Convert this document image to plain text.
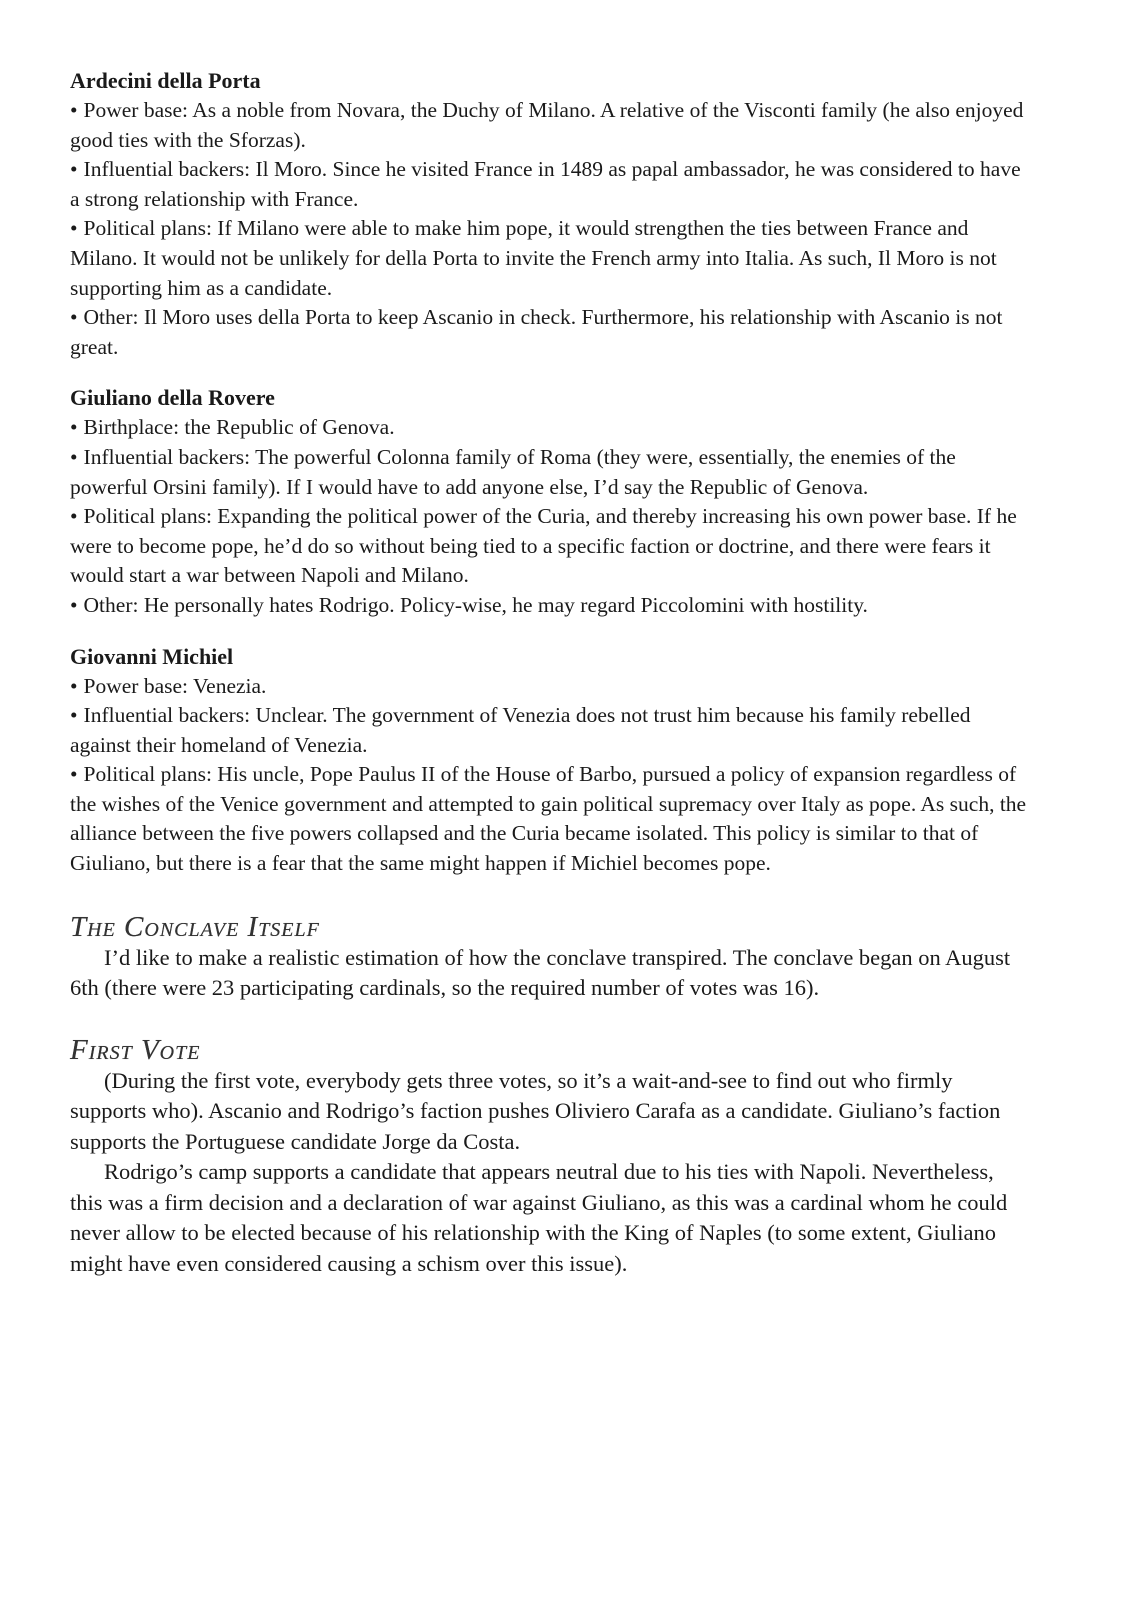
Ardecini della Porta

• Power base: As a noble from Novara, the Duchy of Milano. A relative of the Visconti family (he also enjoyed good ties with the Sforzas).

• Influential backers: Il Moro. Since he visited France in 1489 as papal ambassador, he was considered to have a strong relationship with France.

• Political plans: If Milano were able to make him pope, it would strengthen the ties between France and Milano. It would not be unlikely for della Porta to invite the French army into Italia. As such, Il Moro is not supporting him as a candidate.

• Other: Il Moro uses della Porta to keep Ascanio in check. Furthermore, his relationship with Ascanio is not great.

Giuliano della Rovere

• Birthplace: the Republic of Genova.

• Influential backers: The powerful Colonna family of Roma (they were, essentially, the enemies of the powerful Orsini family). If I would have to add anyone else, I’d say the Republic of Genova.

• Political plans: Expanding the political power of the Curia, and thereby increasing his own power base. If he were to become pope, he’d do so without being tied to a specific faction or doctrine, and there were fears it would start a war between Napoli and Milano.

• Other: He personally hates Rodrigo. Policy-wise, he may regard Piccolomini with hostility.

Giovanni Michiel

• Power base: Venezia.

• Influential backers: Unclear. The government of Venezia does not trust him because his family rebelled against their homeland of Venezia.

• Political plans: His uncle, Pope Paulus II of the House of Barbo, pursued a policy of expansion regardless of the wishes of the Venice government and attempted to gain political supremacy over Italy as pope. As such, the alliance between the five powers collapsed and the Curia became isolated. This policy is similar to that of Giuliano, but there is a fear that the same might happen if Michiel becomes pope.

The Conclave Itself

I’d like to make a realistic estimation of how the conclave transpired. The conclave began on August 6th (there were 23 participating cardinals, so the required number of votes was 16).

First Vote

(During the first vote, everybody gets three votes, so it’s a wait-and-see to find out who firmly supports who). Ascanio and Rodrigo’s faction pushes Oliviero Carafa as a candidate. Giuliano’s faction supports the Portuguese candidate Jorge da Costa.

Rodrigo’s camp supports a candidate that appears neutral due to his ties with Napoli. Nevertheless, this was a firm decision and a declaration of war against Giuliano, as this was a cardinal whom he could never allow to be elected because of his relationship with the King of Naples (to some extent, Giuliano might have even considered causing a schism over this issue).
